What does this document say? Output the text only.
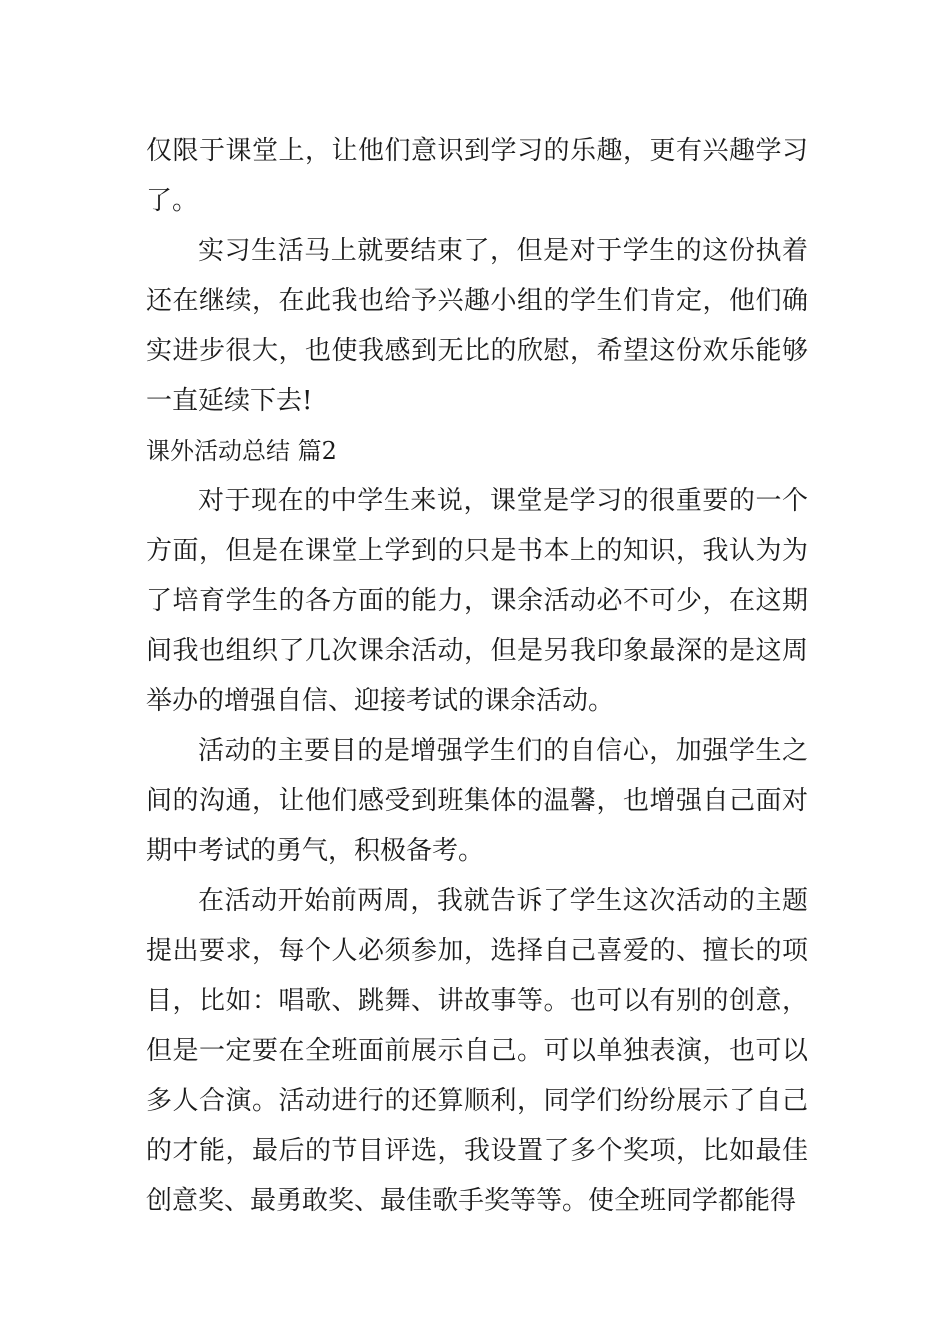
仅限于课堂上，让他们意识到学习的乐趣，更有兴趣学习了。

实习生活马上就要结束了，但是对于学生的这份执着还在继续，在此我也给予兴趣小组的学生们肯定，他们确实进步很大，也使我感到无比的欣慰，希望这份欢乐能够一直延续下去!

课外活动总结 篇2

对于现在的中学生来说，课堂是学习的很重要的一个方面，但是在课堂上学到的只是书本上的知识，我认为为了培育学生的各方面的能力，课余活动必不可少，在这期间我也组织了几次课余活动，但是另我印象最深的是这周举办的增强自信、迎接考试的课余活动。

活动的主要目的是增强学生们的自信心，加强学生之间的沟通，让他们感受到班集体的温馨，也增强自己面对期中考试的勇气，积极备考。

在活动开始前两周，我就告诉了学生这次活动的主题提出要求，每个人必须参加，选择自己喜爱的、擅长的项目，比如：唱歌、跳舞、讲故事等。也可以有别的创意，但是一定要在全班面前展示自己。可以单独表演，也可以多人合演。活动进行的还算顺利，同学们纷纷展示了自己的才能，最后的节目评选，我设置了多个奖项，比如最佳创意奖、最勇敢奖、最佳歌手奖等等。使全班同学都能得
